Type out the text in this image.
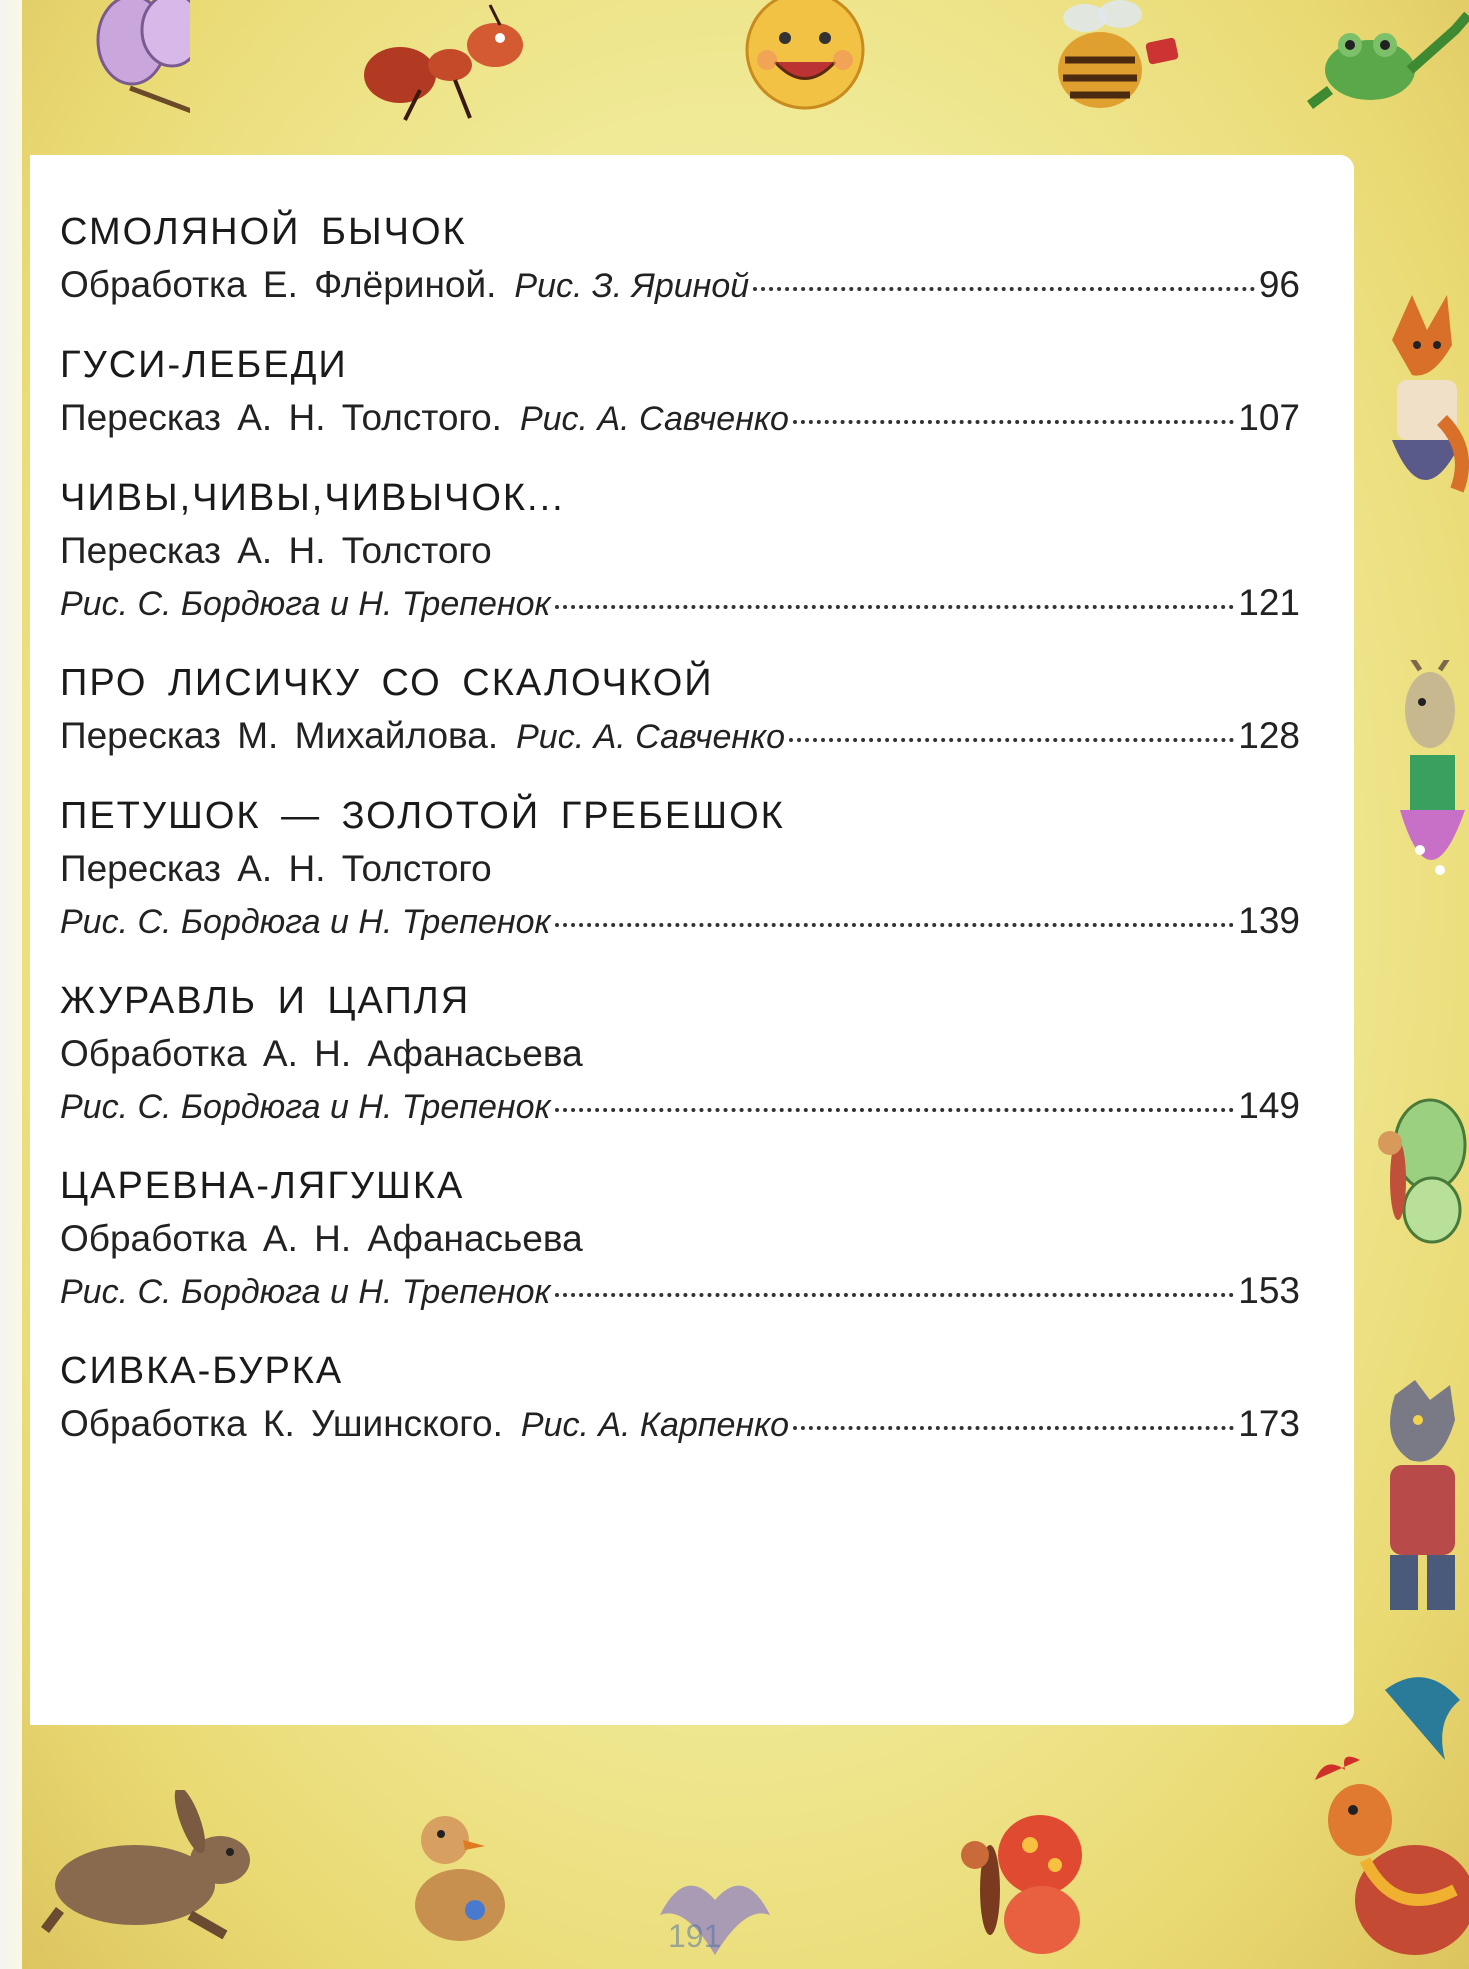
191
СМОЛЯНОЙ БЫЧОК
Обработка Е. Флёриной. Рис. З. Яриной	96
ГУСИ-ЛЕБЕДИ
Пересказ А. Н. Толстого. Рис. А. Савченко	107
ЧИВЫ,ЧИВЫ,ЧИВЫЧОК...
Пересказ А. Н. Толстого
Рис. С. Бордюга и Н. Трепенок	121
ПРО ЛИСИЧКУ СО СКАЛОЧКОЙ
Пересказ М. Михайлова. Рис. А. Савченко	128
ПЕТУШОК — ЗОЛОТОЙ ГРЕБЕШОК
Пересказ А. Н. Толстого
Рис. С. Бордюга и Н. Трепенок	139
ЖУРАВЛЬ И ЦАПЛЯ
Обработка А. Н. Афанасьева
Рис. С. Бордюга и Н. Трепенок	149
ЦАРЕВНА-ЛЯГУШКА
Обработка А. Н. Афанасьева
Рис. С. Бордюга и Н. Трепенок	153
СИВКА-БУРКА
Обработка К. Ушинского. Рис. А. Карпенко	173
